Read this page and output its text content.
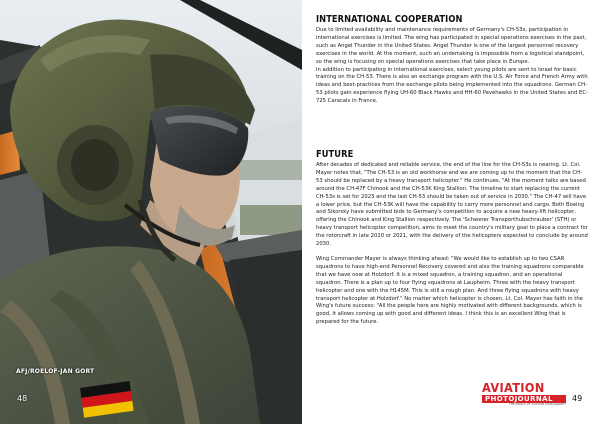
AFJ/ROELOF-JAN GORT
48
INTERNATIONAL COOPERATION

Due to limited availability and maintenance requirements of Germany's CH-53s, participation in international exercises is limited. The wing has participated in special operations exercises in the past, such as Angel Thunder in the United States. Angel Thunder is one of the largest personnel recovery exercises in the world. At the moment, such an undertaking is impossible from a logistical standpoint, so the wing is focusing on special operations exercises that take place in Europe.

In addition to participating in international exercises, select young pilots are sent to Israel for basic training on the CH-53. There is also an exchange program with the U.S. Air Force and French Army with ideas and best-practices from the exchange pilots being implemented into the squadrons. German CH-53 pilots gain experience flying UH-60 Black Hawks and HH-60 Pavehawks in the United States and EC-725 Caracals in France.

FUTURE

After decades of dedicated and reliable service, the end of the line for the CH-53s is nearing. Lt. Col. Mayer notes that, "The CH-53 is an old workhorse and we are coming up to the moment that the CH-53 should be replaced by a heavy transport helicopter." He continues, "At the moment talks are based around the CH-47F Chinook and the CH-53K King Stallion. The timeline to start replacing the current CH-53s is set for 2023 and the last CH-53 should be taken out of service in 2030." The CH-47 will have a lower price, but the CH-53K will have the capability to carry more personnel and cargo. Both Boeing and Sikorsky have submitted bids to Germany's competition to acquire a new heavy-lift helicopter, offering the Chinook and King Stallion respectively. The 'Schwerer Transporthubschrauber' (STH) or heavy transport helicopter competition, aims to meet the country's military goal to place a contract for the rotorcraft in late 2020 or 2021, with the delivery of the helicopters expected to conclude by around 2030.

Wing Commander Mayer is always thinking ahead: "We would like to establish up to two CSAR squadrons to have high-end Personnel Recovery covered and also the training squadrons comparable that we have now at Holzdorf. It is a mixed squadron, a training squadron, and an operational squadron. There is a plan up to four flying squadrons at Laupheim. Three with the heavy transport helicopter and one with the H145M. This is still a rough plan. And three flying squadrons with heavy transport helicopter at Holzdorf." No matter which helicopter is chosen, Lt. Col. Mayer has faith in the Wing's future success: "All the people here are highly motivated with different backgrounds, which is good, it allows coming up with good and different ideas. I think this is an excellent Wing that is prepared for the future.

AVIATION
PHOTOJOURNAL
THE WORLD OF AVIATION PHOTOGRAPHY
49
